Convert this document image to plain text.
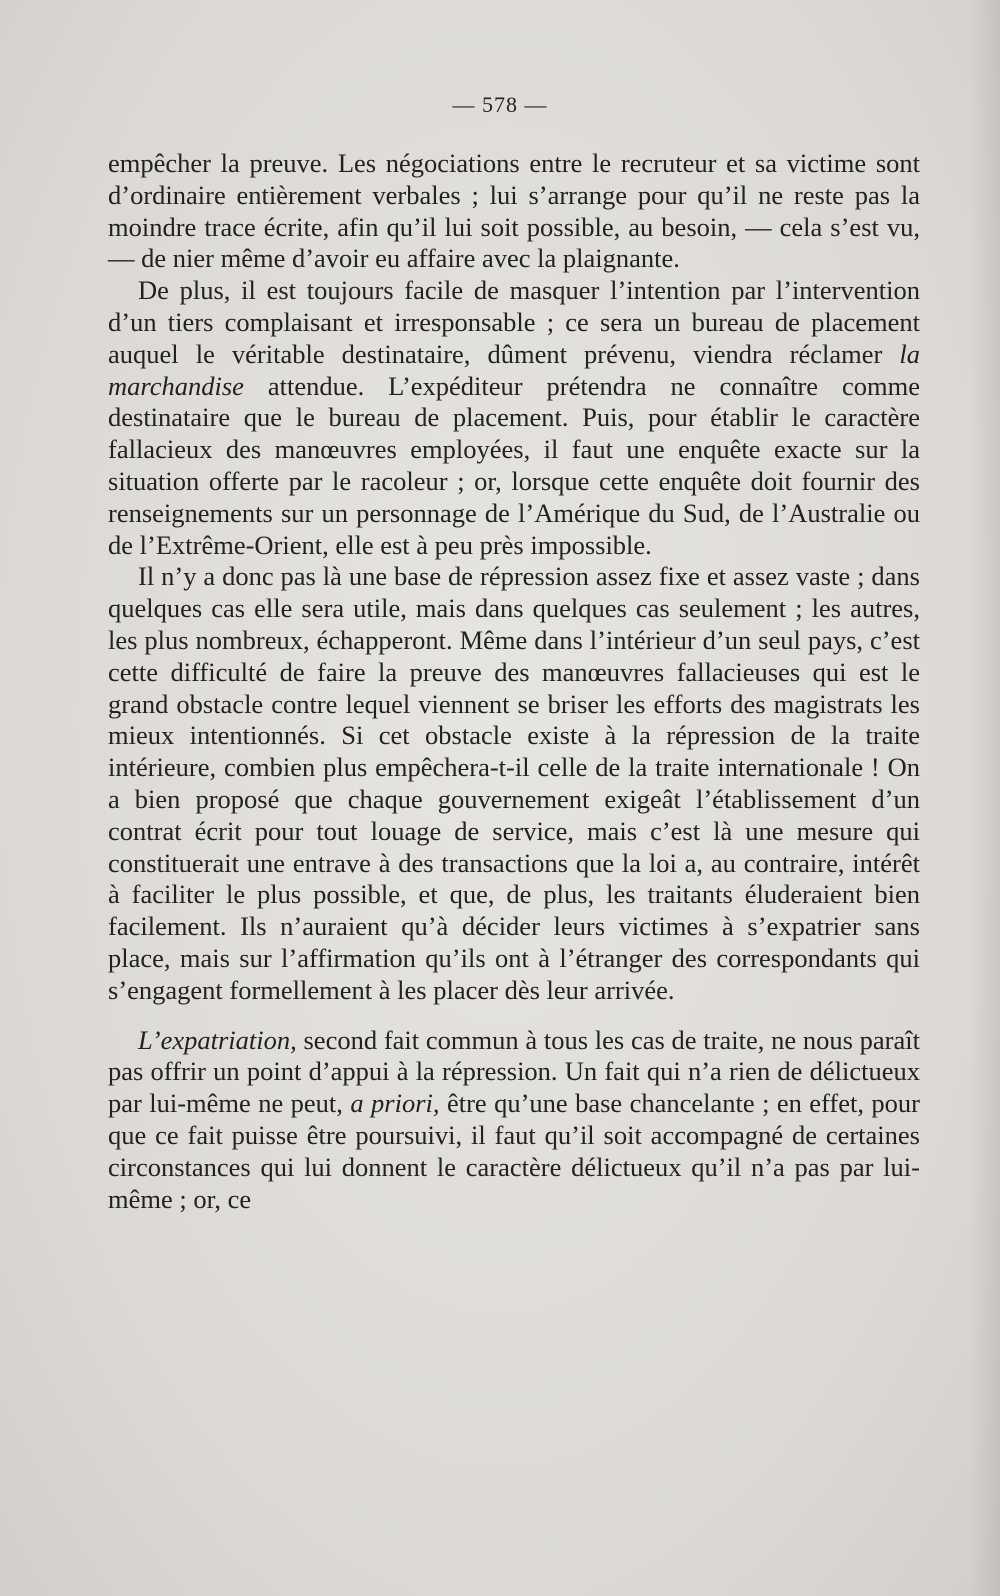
— 578 —

empêcher la preuve. Les négociations entre le recruteur et sa victime sont d’ordinaire entièrement verbales ; lui s’arrange pour qu’il ne reste pas la moindre trace écrite, afin qu’il lui soit possible, au besoin, — cela s’est vu, — de nier même d’avoir eu affaire avec la plaignante.

De plus, il est toujours facile de masquer l’intention par l’intervention d’un tiers complaisant et irresponsable ; ce sera un bureau de placement auquel le véritable destinataire, dûment prévenu, viendra réclamer la marchandise attendue. L’expéditeur prétendra ne connaître comme destinataire que le bureau de placement. Puis, pour établir le caractère fallacieux des manœuvres employées, il faut une enquête exacte sur la situation offerte par le racoleur ; or, lorsque cette enquête doit fournir des renseignements sur un personnage de l’Amérique du Sud, de l’Australie ou de l’Extrême-Orient, elle est à peu près impossible.

Il n’y a donc pas là une base de répression assez fixe et assez vaste ; dans quelques cas elle sera utile, mais dans quelques cas seulement ; les autres, les plus nombreux, échapperont. Même dans l’intérieur d’un seul pays, c’est cette difficulté de faire la preuve des manœuvres fallacieuses qui est le grand obstacle contre lequel viennent se briser les efforts des magistrats les mieux intentionnés. Si cet obstacle existe à la répression de la traite intérieure, combien plus empêchera-t-il celle de la traite internationale ! On a bien proposé que chaque gouvernement exigeât l’établissement d’un contrat écrit pour tout louage de service, mais c’est là une mesure qui constituerait une entrave à des transactions que la loi a, au contraire, intérêt à faciliter le plus possible, et que, de plus, les traitants éluderaient bien facilement. Ils n’auraient qu’à décider leurs victimes à s’expatrier sans place, mais sur l’affirmation qu’ils ont à l’étranger des correspondants qui s’engagent formellement à les placer dès leur arrivée.

L’expatriation, second fait commun à tous les cas de traite, ne nous paraît pas offrir un point d’appui à la répression. Un fait qui n’a rien de délictueux par lui-même ne peut, a priori, être qu’une base chancelante ; en effet, pour que ce fait puisse être poursuivi, il faut qu’il soit accompagné de certaines circonstances qui lui donnent le caractère délictueux qu’il n’a pas par lui-même ; or, ce
